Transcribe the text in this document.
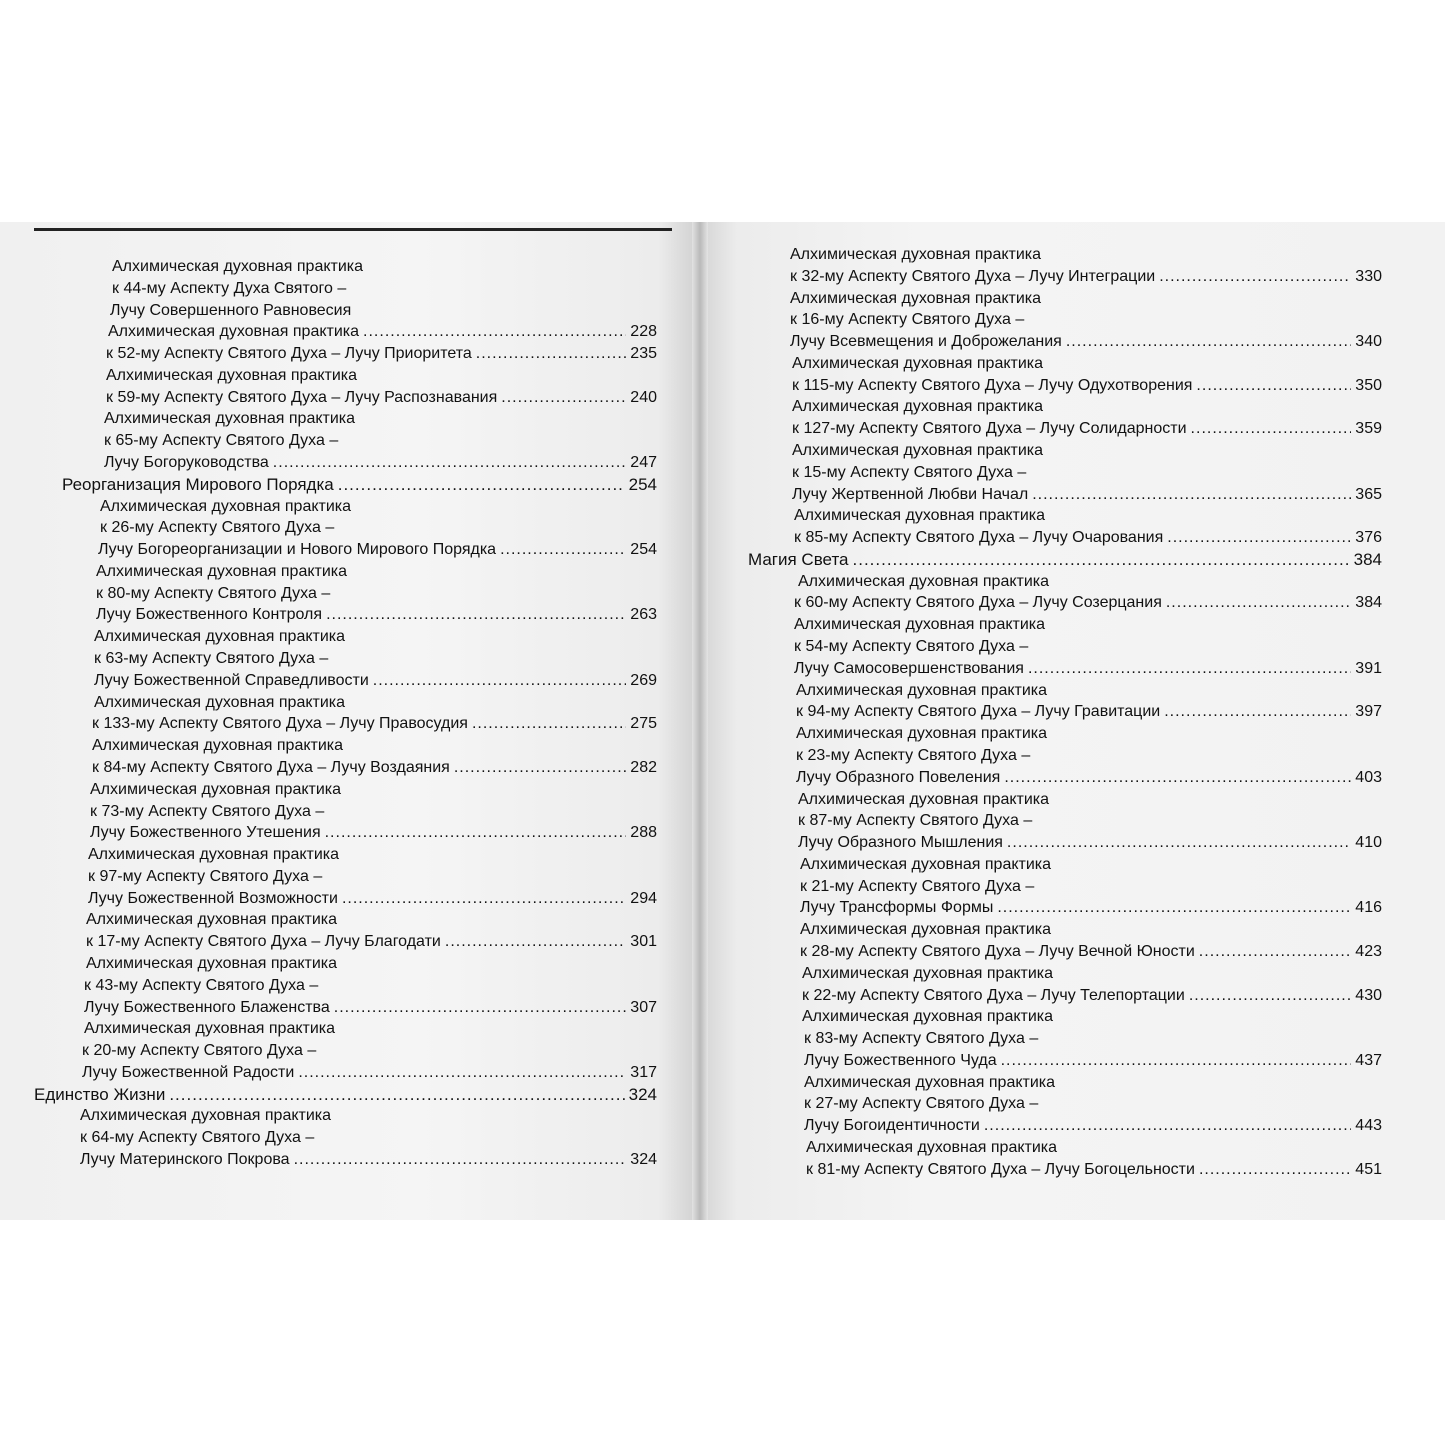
Алхимическая духовная практика
к 44-му Аспекту Духа Святого –
Лучу Совершенного Равновесия
Алхимическая духовная практика .....	228
к 52-му Аспекту Святого Духа – Лучу Приоритета .....	235
Алхимическая духовная практика
к 59-му Аспекту Святого Духа – Лучу Распознавания .....	240
Алхимическая духовная практика
к 65-му Аспекту Святого Духа –
Лучу Богоруководства .....	247
Реорганизация Мирового Порядка .....	254
Алхимическая духовная практика
к 26-му Аспекту Святого Духа –
Лучу Богореорганизации и Нового Мирового Порядка .....	254
Алхимическая духовная практика
к 80-му Аспекту Святого Духа –
Лучу Божественного Контроля .....	263
Алхимическая духовная практика
к 63-му Аспекту Святого Духа –
Лучу Божественной Справедливости .....	269
Алхимическая духовная практика
к 133-му Аспекту Святого Духа – Лучу Правосудия .....	275
Алхимическая духовная практика
к 84-му Аспекту Святого Духа – Лучу Воздаяния .....	282
Алхимическая духовная практика
к 73-му Аспекту Святого Духа –
Лучу Божественного Утешения .....	288
Алхимическая духовная практика
к 97-му Аспекту Святого Духа –
Лучу Божественной Возможности .....	294
Алхимическая духовная практика
к 17-му Аспекту Святого Духа – Лучу Благодати .....	301
Алхимическая духовная практика
к 43-му Аспекту Святого Духа –
Лучу Божественного Блаженства .....	307
Алхимическая духовная практика
к 20-му Аспекту Святого Духа –
Лучу Божественной Радости .....	317
Единство Жизни .....	324
Алхимическая духовная практика
к 64-му Аспекту Святого Духа –
Лучу Материнского Покрова .....	324
Алхимическая духовная практика
к 32-му Аспекту Святого Духа – Лучу Интеграции .....	330
Алхимическая духовная практика
к 16-му Аспекту Святого Духа –
Лучу Всевмещения и Доброжелания .....	340
Алхимическая духовная практика
к 115-му Аспекту Святого Духа – Лучу Одухотворения .....	350
Алхимическая духовная практика
к 127-му Аспекту Святого Духа – Лучу Солидарности .....	359
Алхимическая духовная практика
к 15-му Аспекту Святого Духа –
Лучу Жертвенной Любви Начал .....	365
Алхимическая духовная практика
к 85-му Аспекту Святого Духа – Лучу Очарования .....	376
Магия Света .....	384
Алхимическая духовная практика
к 60-му Аспекту Святого Духа – Лучу Созерцания .....	384
Алхимическая духовная практика
к 54-му Аспекту Святого Духа –
Лучу Самосовершенствования .....	391
Алхимическая духовная практика
к 94-му Аспекту Святого Духа – Лучу Гравитации .....	397
Алхимическая духовная практика
к 23-му Аспекту Святого Духа –
Лучу Образного Повеления .....	403
Алхимическая духовная практика
к 87-му Аспекту Святого Духа –
Лучу Образного Мышления .....	410
Алхимическая духовная практика
к 21-му Аспекту Святого Духа –
Лучу Трансформы Формы .....	416
Алхимическая духовная практика
к 28-му Аспекту Святого Духа – Лучу Вечной Юности .....	423
Алхимическая духовная практика
к 22-му Аспекту Святого Духа – Лучу Телепортации .....	430
Алхимическая духовная практика
к 83-му Аспекту Святого Духа –
Лучу Божественного Чуда .....	437
Алхимическая духовная практика
к 27-му Аспекту Святого Духа –
Лучу Богоидентичности .....	443
Алхимическая духовная практика
к 81-му Аспекту Святого Духа – Лучу Богоцельности .....	451
